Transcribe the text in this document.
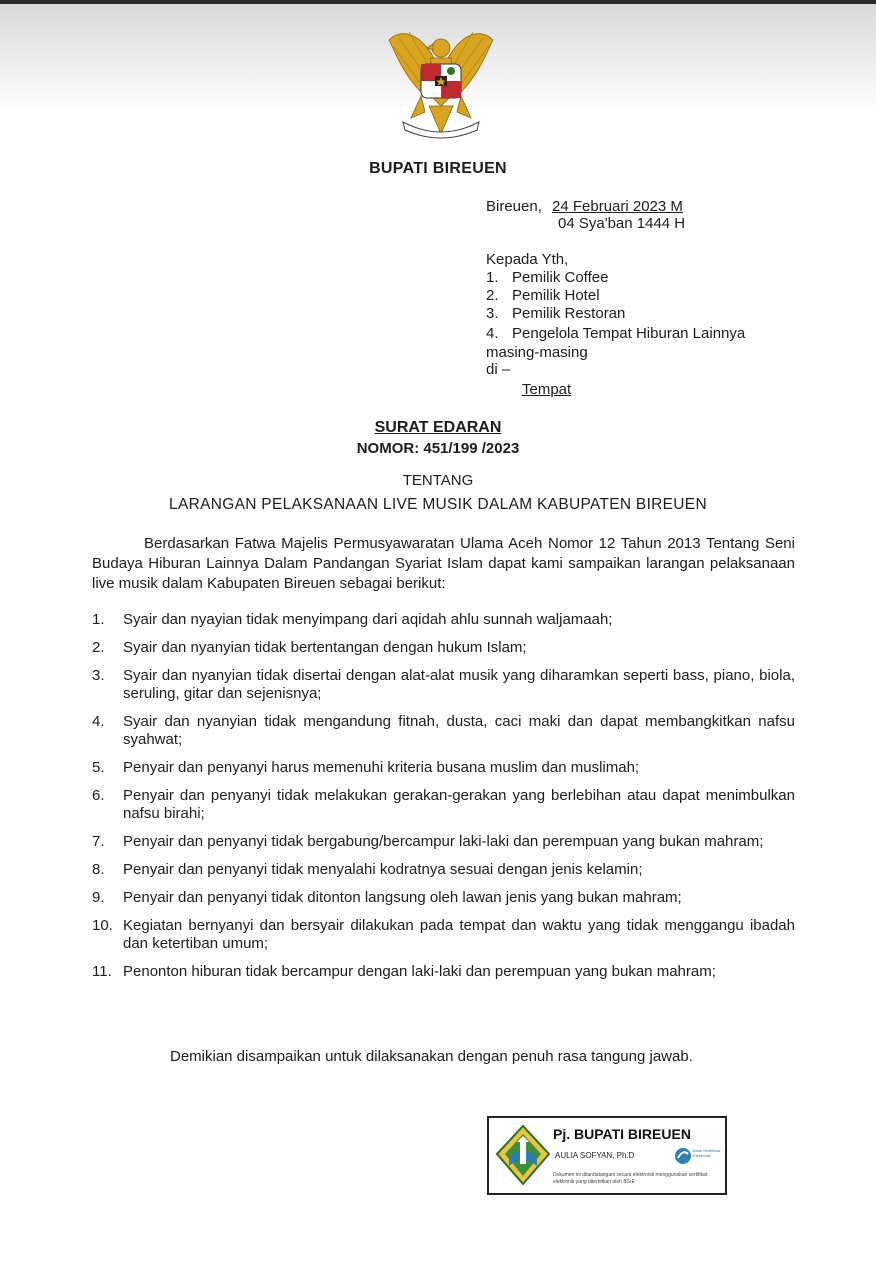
BUPATI BIREUEN
Bireuen, 24 Februari 2023 M
04 Sya'ban 1444 H
Kepada Yth,
1. Pemilik Coffee
2. Pemilik Hotel
3. Pemilik Restoran
4. Pengelola Tempat Hiburan Lainnya
masing-masing
di –
Tempat
SURAT EDARAN
NOMOR: 451/199 /2023
TENTANG
LARANGAN PELAKSANAAN LIVE MUSIK DALAM KABUPATEN BIREUEN
Berdasarkan Fatwa Majelis Permusyawaratan Ulama Aceh Nomor 12 Tahun 2013 Tentang Seni Budaya Hiburan Lainnya Dalam Pandangan Syariat Islam dapat kami sampaikan larangan pelaksanaan live musik dalam Kabupaten Bireuen sebagai berikut:
1. Syair dan nyayian tidak menyimpang dari aqidah ahlu sunnah waljamaah;
2. Syair dan nyanyian tidak bertentangan dengan hukum Islam;
3. Syair dan nyanyian tidak disertai dengan alat-alat musik yang diharamkan seperti bass, piano, biola, seruling, gitar dan sejenisnya;
4. Syair dan nyanyian tidak mengandung fitnah, dusta, caci maki dan dapat membangkitkan nafsu syahwat;
5. Penyair dan penyanyi harus memenuhi kriteria busana muslim dan muslimah;
6. Penyair dan penyanyi tidak melakukan gerakan-gerakan yang berlebihan atau dapat menimbulkan nafsu birahi;
7. Penyair dan penyanyi tidak bergabung/bercampur laki-laki dan perempuan yang bukan mahram;
8. Penyair dan penyanyi tidak menyalahi kodratnya sesuai dengan jenis kelamin;
9. Penyair dan penyanyi tidak ditonton langsung oleh lawan jenis yang bukan mahram;
10. Kegiatan bernyanyi dan bersyair dilakukan pada tempat dan waktu yang tidak menggangu ibadah dan ketertiban umum;
11. Penonton hiburan tidak bercampur dengan laki-laki dan perempuan yang bukan mahram;
Demikian disampaikan untuk dilaksanakan dengan penuh rasa tangung jawab.
Pj. BUPATI BIREUEN
AULIA SOFYAN, Ph.D
Balai Sertifikasi Elektronik
Dokumen ini ditandatangani secara elektronik menggunakan sertifikat elektronik yang diterbitkan oleh BSrE
